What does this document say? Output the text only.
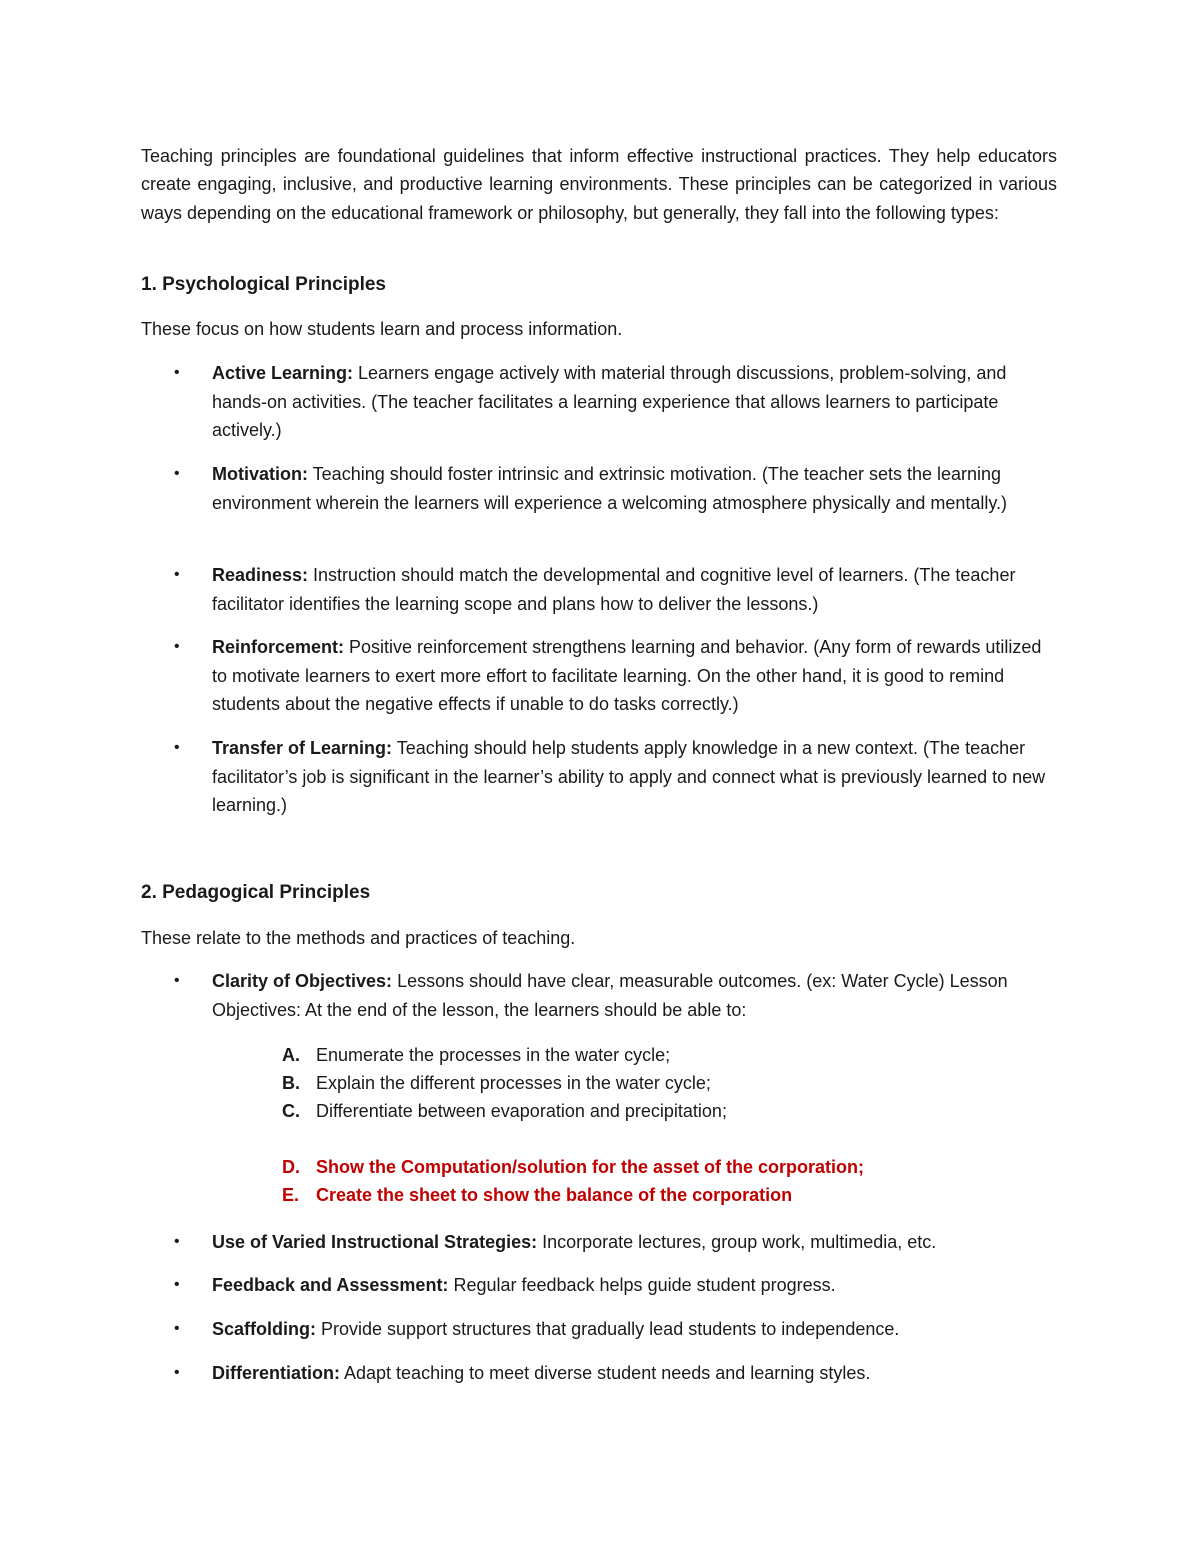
Teaching principles are foundational guidelines that inform effective instructional practices. They help educators create engaging, inclusive, and productive learning environments. These principles can be categorized in various ways depending on the educational framework or philosophy, but generally, they fall into the following types:

1. Psychological Principles

These focus on how students learn and process information.

•	Active Learning: Learners engage actively with material through discussions, problem-solving, and hands-on activities. (The teacher facilitates a learning experience that allows learners to participate actively.)
•	Motivation: Teaching should foster intrinsic and extrinsic motivation. (The teacher sets the learning environment wherein the learners will experience a welcoming atmosphere physically and mentally.)
•	Readiness: Instruction should match the developmental and cognitive level of learners. (The teacher facilitator identifies the learning scope and plans how to deliver the lessons.)
•	Reinforcement: Positive reinforcement strengthens learning and behavior. (Any form of rewards utilized to motivate learners to exert more effort to facilitate learning. On the other hand, it is good to remind students about the negative effects if unable to do tasks correctly.)
•	Transfer of Learning: Teaching should help students apply knowledge in a new context. (The teacher facilitator’s job is significant in the learner’s ability to apply and connect what is previously learned to new learning.)
2. Pedagogical Principles

These relate to the methods and practices of teaching.

•	Clarity of Objectives: Lessons should have clear, measurable outcomes. (ex: Water Cycle) Lesson Objectives: At the end of the lesson, the learners should be able to:
A. Enumerate the processes in the water cycle;
B. Explain the different processes in the water cycle;
C. Differentiate between evaporation and precipitation;
D. Show the Computation/solution for the asset of the corporation;
E. Create the sheet to show the balance of the corporation
•	Use of Varied Instructional Strategies: Incorporate lectures, group work, multimedia, etc.
•	Feedback and Assessment: Regular feedback helps guide student progress.
•	Scaffolding: Provide support structures that gradually lead students to independence.
•	Differentiation: Adapt teaching to meet diverse student needs and learning styles.
